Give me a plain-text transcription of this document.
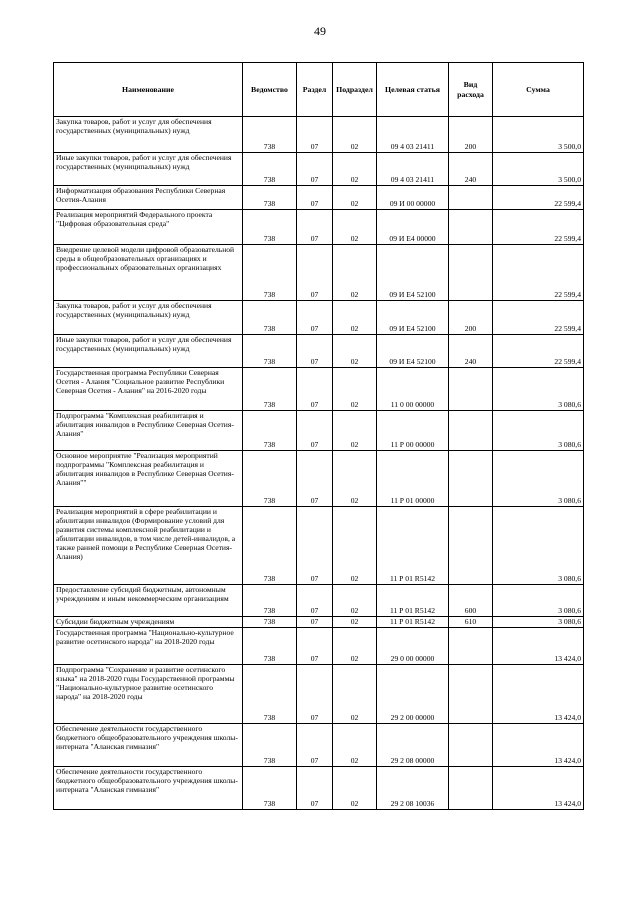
49
Наименование	Ведомство	Раздел	Подраздел	Целевая статья	Вид расхода	Сумма
Закупка товаров, работ и услуг для обеспечения государственных (муниципальных) нужд	738	07	02	09 4 03 21411	200	3 500,0
Иные закупки товаров, работ и услуг для обеспечения государственных (муниципальных) нужд	738	07	02	09 4 03 21411	240	3 500,0
Информатизация образования Республики Северная Осетия-Алания	738	07	02	09 И 00 00000		22 599,4
Реализация мероприятий Федерального проекта "Цифровая образовательная среда"	738	07	02	09 И Е4 00000		22 599,4
Внедрение целевой модели цифровой образовательной среды в общеобразовательных организациях и профессиональных образовательных организациях	738	07	02	09 И Е4 52100		22 599,4
Закупка товаров, работ и услуг для обеспечения государственных (муниципальных) нужд	738	07	02	09 И Е4 52100	200	22 599,4
Иные закупки товаров, работ и услуг для обеспечения государственных (муниципальных) нужд	738	07	02	09 И Е4 52100	240	22 599,4
Государственная программа Республики Северная Осетия - Алания "Социальное развитие Республики Северная Осетия - Алания" на 2016-2020 годы	738	07	02	11 0 00 00000		3 080,6
Подпрограмма "Комплексная реабилитация и абилитация инвалидов в Республике Северная Осетия-Алания"	738	07	02	11 Р 00 00000		3 080,6
Основное мероприятие "Реализация мероприятий подпрограммы "Комплексная реабилитация и абилитация инвалидов в Республике Северная Осетия-Алания""	738	07	02	11 Р 01 00000		3 080,6
Реализация мероприятий в сфере реабилитации и абилитации инвалидов (Формирование условий для развития системы комплексной реабилитации и абилитации инвалидов, в том числе детей-инвалидов, а также ранней помощи в Республике Северная Осетия-Алания)	738	07	02	11 Р 01 R5142		3 080,6
Предоставление субсидий бюджетным, автономным учреждениям и иным некоммерческим организациям	738	07	02	11 Р 01 R5142	600	3 080,6
Субсидии бюджетным учреждениям	738	07	02	11 Р 01 R5142	610	3 080,6
Государственная программа "Национально-культурное развитие осетинского народа" на 2018-2020 годы	738	07	02	29 0 00 00000		13 424,0
Подпрограмма "Сохранение и развитие осетинского языка" на 2018-2020 годы Государственной программы "Национально-культурное развитие осетинского народа" на 2018-2020 годы	738	07	02	29 2 00 00000		13 424,0
Обеспечение деятельности государственного бюджетного общеобразовательного учреждения школы-интерната "Аланская гимназия"	738	07	02	29 2 08 00000		13 424,0
Обеспечение деятельности государственного бюджетного общеобразовательного учреждения школы-интерната "Аланская гимназия"	738	07	02	29 2 08 10036		13 424,0
